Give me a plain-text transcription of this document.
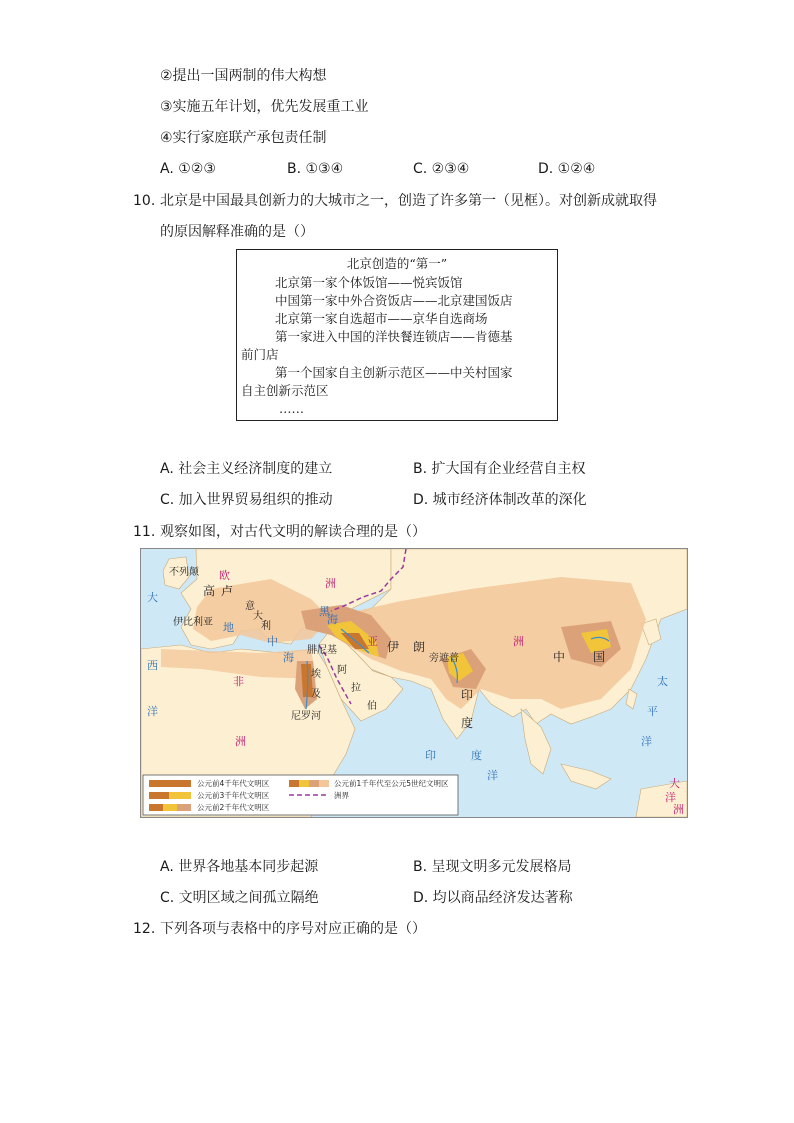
②提出一国两制的伟大构想
③实施五年计划，优先发展重工业
④实行家庭联产承包责任制
A. ①②③	B. ①③④	C. ②③④	D. ①②④
10. 北京是中国最具创新力的大城市之一，创造了许多第一（见框）。对创新成就取得
的原因解释准确的是（）
北京创造的“第一”
北京第一家个体饭馆——悦宾饭馆
中国第一家中外合资饭店——北京建国饭店
北京第一家自选超市——京华自选商场
第一家进入中国的洋快餐连锁店——肯德基
前门店
第一个国家自主创新示范区——中关村国家
自主创新示范区
……
A. 社会主义经济制度的建立	B. 扩大国有企业经营自主权
C. 加入世界贸易组织的推动	D. 城市经济体制改革的深化
11. 观察如图，对古代文明的解读合理的是（）
不列颠 欧
高 卢
意
大
利
伊比利亚
洲
黑
海
亚 伊 朗
旁遮普
洲
中 国
印
度
腓尼基
阿
拉
伯
埃
及
尼罗河
非
洲
地
中
海
大
西
洋
太
平
洋
印	度
洋
大
洋
洲
公元前4千年代文明区
公元前3千年代文明区
公元前2千年代文明区
公元前1千年代至公元5世纪文明区
洲界
A. 世界各地基本同步起源	B. 呈现文明多元发展格局
C. 文明区域之间孤立隔绝	D. 均以商品经济发达著称
12. 下列各项与表格中的序号对应正确的是（）
